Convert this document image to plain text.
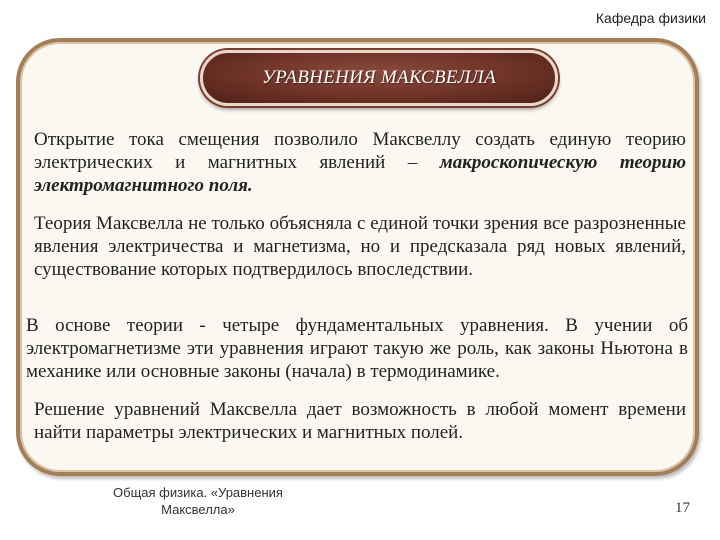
Кафедра физики
УРАВНЕНИЯ МАКСВЕЛЛА

Открытие тока смещения позволило Максвеллу создать единую теорию электрических и магнитных явлений – макроскопическую теорию электромагнитного поля.

Теория Максвелла не только объясняла с единой точки зрения все разрозненные явления электричества и магнетизма, но и предсказала ряд новых явлений, существование которых подтвердилось впоследствии.

В основе теории - четыре фундаментальных уравнения. В учении об электромагнетизме эти уравнения играют такую же роль, как законы Ньютона в механике или основные законы (начала) в термодинамике.

Решение уравнений Максвелла дает возможность в любой момент времени найти параметры электрических и магнитных полей.

Общая физика. «Уравнения
Максвелла»	17
